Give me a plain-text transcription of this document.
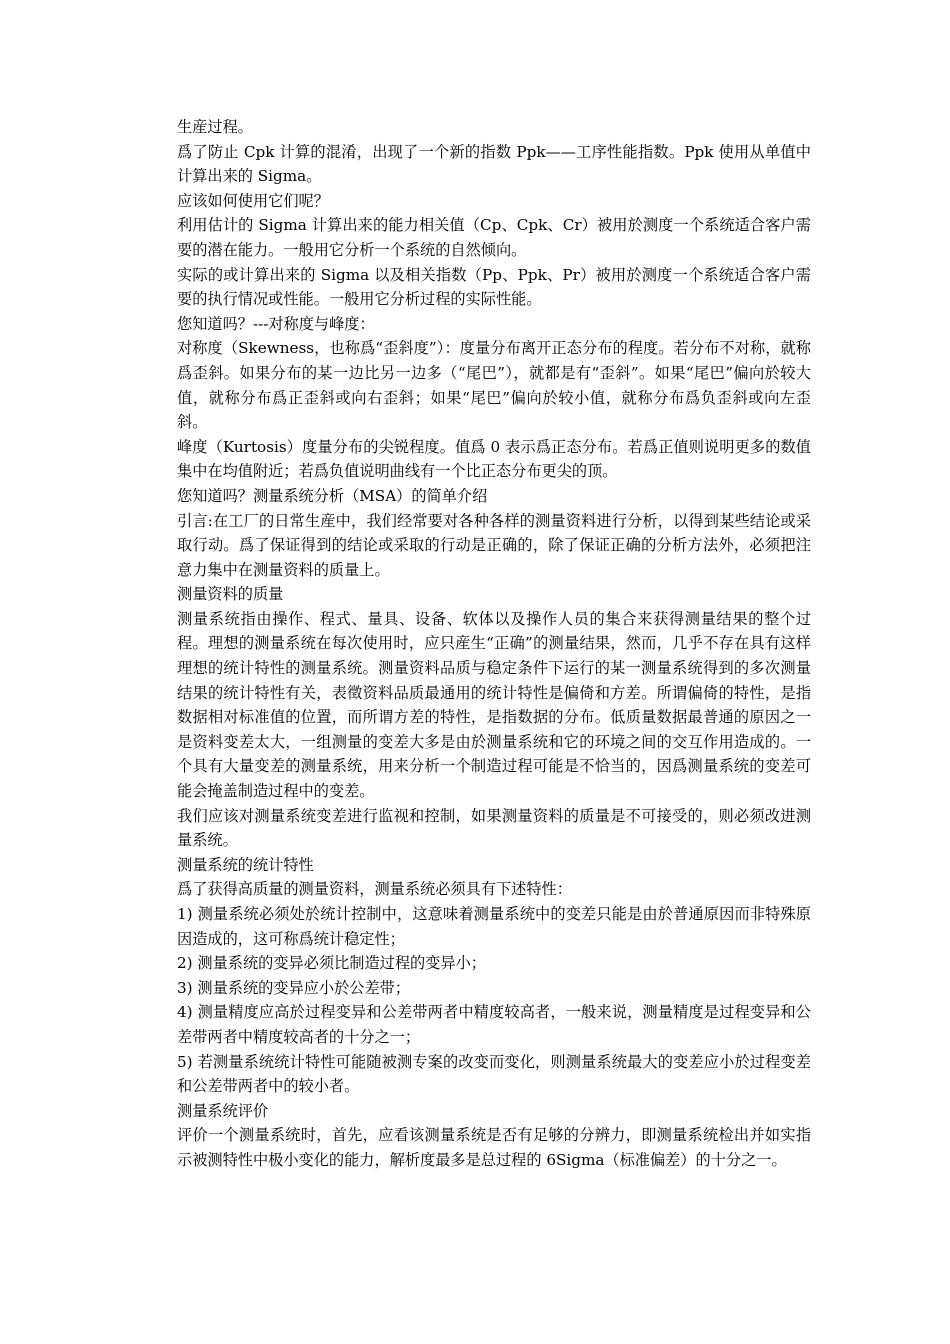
生産过程。

爲了防止 Cpk 计算的混淆，出现了一个新的指数 Ppk——工序性能指数。Ppk 使用从单值中计算出来的 Sigma。

应该如何使用它们呢？

利用估计的 Sigma 计算出来的能力相关值（Cp、Cpk、Cr）被用於测度一个系统适合客户需要的潜在能力。一般用它分析一个系统的自然倾向。

实际的或计算出来的 Sigma 以及相关指数（Pp、Ppk、Pr）被用於测度一个系统适合客户需要的执行情况或性能。一般用它分析过程的实际性能。

您知道吗？---对称度与峰度：

对称度（Skewness，也称爲“歪斜度”）：度量分布离开正态分布的程度。若分布不对称，就称爲歪斜。如果分布的某一边比另一边多（“尾巴”），就都是有“歪斜”。如果“尾巴”偏向於较大值，就称分布爲正歪斜或向右歪斜；如果“尾巴”偏向於较小值，就称分布爲负歪斜或向左歪斜。

峰度（Kurtosis）度量分布的尖锐程度。值爲 0 表示爲正态分布。若爲正值则说明更多的数值集中在均值附近；若爲负值说明曲线有一个比正态分布更尖的顶。

您知道吗？测量系统分析（MSA）的简单介绍

引言:在工厂的日常生産中，我们经常要对各种各样的测量资料进行分析，以得到某些结论或采取行动。爲了保证得到的结论或采取的行动是正确的，除了保证正确的分析方法外，必须把注意力集中在测量资料的质量上。

测量资料的质量

测量系统指由操作、程式、量具、设备、软体以及操作人员的集合来获得测量结果的整个过程。理想的测量系统在每次使用时，应只産生“正确”的测量结果，然而，几乎不存在具有这样理想的统计特性的测量系统。测量资料品质与稳定条件下运行的某一测量系统得到的多次测量结果的统计特性有关，表徵资料品质最通用的统计特性是偏倚和方差。所谓偏倚的特性，是指数据相对标准值的位置，而所谓方差的特性，是指数据的分布。低质量数据最普通的原因之一是资料变差太大，一组测量的变差大多是由於测量系统和它的环境之间的交互作用造成的。一个具有大量变差的测量系统，用来分析一个制造过程可能是不恰当的，因爲测量系统的变差可能会掩盖制造过程中的变差。

我们应该对测量系统变差进行监视和控制，如果测量资料的质量是不可接受的，则必须改进测量系统。

测量系统的统计特性

爲了获得高质量的测量资料，测量系统必须具有下述特性：

1) 测量系统必须处於统计控制中，这意味着测量系统中的变差只能是由於普通原因而非特殊原因造成的，这可称爲统计稳定性；

2) 测量系统的变异必须比制造过程的变异小；

3) 测量系统的变异应小於公差带；

4) 测量精度应高於过程变异和公差带两者中精度较高者，一般来说，测量精度是过程变异和公差带两者中精度较高者的十分之一；

5) 若测量系统统计特性可能随被测专案的改变而变化，则测量系统最大的变差应小於过程变差和公差带两者中的较小者。

测量系统评价

评价一个测量系统时，首先，应看该测量系统是否有足够的分辨力，即测量系统检出并如实指示被测特性中极小变化的能力，解析度最多是总过程的 6Sigma（标准偏差）的十分之一。
